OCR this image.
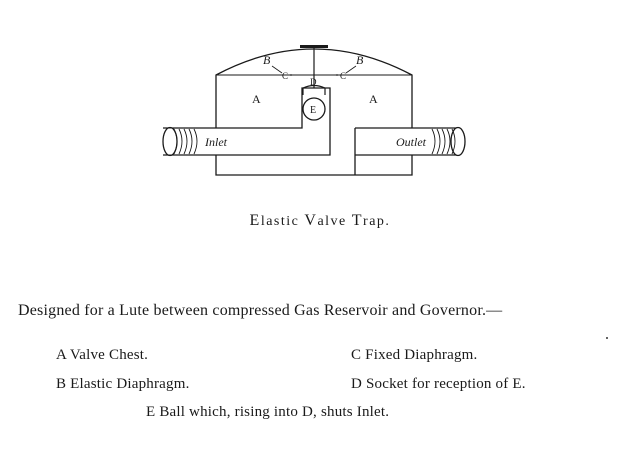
B	B
C	C
D
E
A	A
Inlet	Outlet
Elastic Valve Trap.
Designed for a Lute between compressed Gas Reservoir and Governor.—
A Valve Chest.
B Elastic Diaphragm.
C Fixed Diaphragm.
D Socket for reception of E.
E Ball which, rising into D, shuts Inlet.
